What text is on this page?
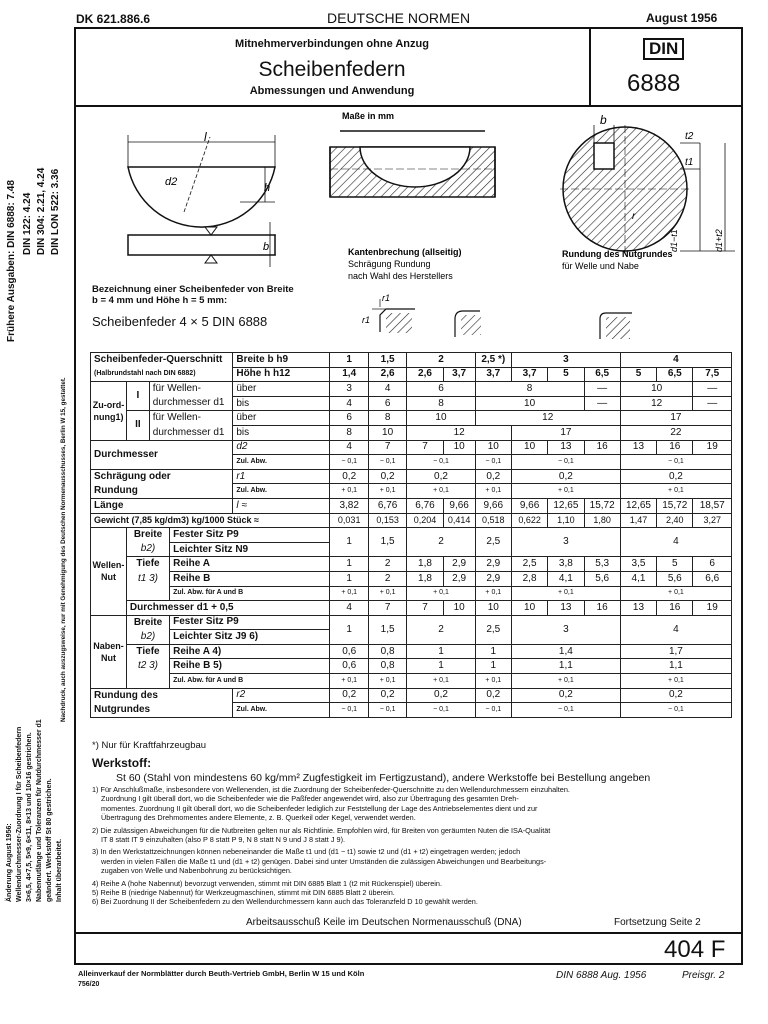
DK 621.886.6	DEUTSCHE NORMEN	August 1956
Mitnehmerverbindungen ohne Anzug
Scheibenfedern
Abmessungen und Anwendung
DIN
6888
Frühere Ausgaben: DIN 6888: 7.48 DIN 122: 4.24 DIN 304: 2.21, 4.24 DIN LON 522: 3.36
Nachdruck, auch auszugsweise, nur mit Genehmigung des Deutschen Normenausschusses, Berlin W 15, gestattet.
Änderung August 1956: Wellendurchmesser-Zuordnung I für Scheibenfedern 3×6,5, 4×7,5, 5×9, 6×11, 8×13 und 10×16 gestrichen. Nabennutlänge und Toleranzen für Nutdurchmesser d1 geändert. Werkstoff St 80 gestrichen. Inhalt überarbeitet.
l
d2	h
b
Maße in mm
Kantenbrechung (allseitig)
Schrägung Rundung
nach Wahl des Herstellers
r1
r1
b
t2
t1
r
d1−t1	d1+t2
Rundung des Nutgrundes
für Welle und Nabe
Bezeichnung einer Scheibenfeder von Breite
b = 4 mm und Höhe h = 5 mm:
Scheibenfeder 4 × 5 DIN 6888
Scheibenfeder-Querschnitt				Breite b h9	1	1,5	2		2,5 *)	3			4		
(Halbrundstahl nach DIN 6882)				Höhe h h12	1,4	2,6	2,6	3,7	3,7	3,7	5	6,5	5	6,5	7,5
Zu-ord-nung1)	I	für Wellen-		über	3	4	6		8			—	10		—
		durchmesser d1		bis	4	6	8		10			—	12		—
	II	für Wellen-		über	6	8	10		12				17		
		durchmesser d1		bis	8	10	12			17			22		
Durchmesser				d2	4	7	7	10	10	10	13	16	13	16	19
				Zul. Abw.	− 0,1	− 0,1	− 0,1		− 0,1	− 0,1			− 0,1		
Schrägung oder				r1	0,2	0,2	0,2		0,2	0,2			0,2		
Rundung				Zul. Abw.	+ 0,1	+ 0,1	+ 0,1		+ 0,1	+ 0,1			+ 0,1		
Länge				l ≈	3,82	6,76	6,76	9,66	9,66	9,66	12,65	15,72	12,65	15,72	18,57
Gewicht (7,85 kg/dm3) kg/1000 Stück ≈					0,031	0,153	0,204	0,414	0,518	0,622	1,10	1,80	1,47	2,40	3,27
Wellen-Nut	Breite		Fester Sitz P9		1	1,5	2		2,5	3			4		
	b2)		Leichter Sitz N9												
	Tiefe		Reihe A		1	2	1,8	2,9	2,9	2,5	3,8	5,3	3,5	5	6
	t1 3)		Reihe B		1	2	1,8	2,9	2,9	2,8	4,1	5,6	4,1	5,6	6,6
			Zul. Abw. für A und B		+ 0,1	+ 0,1	+ 0,1		+ 0,1	+ 0,1			+ 0,1		
	Durchmesser d1 + 0,5				4	7	7	10	10	10	13	16	13	16	19
Naben-Nut	Breite		Fester Sitz P9		1	1,5	2		2,5	3			4		
	b2)		Leichter Sitz J9 6)												
	Tiefe		Reihe A 4)		0,6	0,8	1		1	1,4			1,7		
	t2 3)		Reihe B 5)		0,6	0,8	1		1	1,1			1,1		
			Zul. Abw. für A und B		+ 0,1	+ 0,1	+ 0,1		+ 0,1	+ 0,1			+ 0,1		
Rundung des				r2	0,2	0,2	0,2		0,2	0,2			0,2		
Nutgrundes				Zul. Abw.	− 0,1	− 0,1	− 0,1		− 0,1	− 0,1			− 0,1		
*) Nur für Kraftfahrzeugbau
Werkstoff:
St 60 (Stahl von mindestens 60 kg/mm² Zugfestigkeit im Fertigzustand), andere Werkstoffe bei Bestellung angeben
1) Für Anschlußmaße, insbesondere von Wellenenden, ist die Zuordnung der Scheibenfeder-Querschnitte zu den Wellendurchmessern einzuhalten.
Zuordnung I gilt überall dort, wo die Scheibenfeder wie die Paßfeder angewendet wird, also zur Übertragung des gesamten Dreh-
momentes. Zuordnung II gilt überall dort, wo die Scheibenfeder lediglich zur Feststellung der Lage des Antriebselementes dient und zur
Übertragung des Drehmomentes andere Elemente, z. B. Querkeil oder Kegel, verwendet werden.
2) Die zulässigen Abweichungen für die Nutbreiten gelten nur als Richtlinie. Empfohlen wird, für Breiten von geräumten Nuten die ISA-Qualität
IT 8 statt IT 9 einzuhalten (also P 8 statt P 9, N 8 statt N 9 und J 8 statt J 9).
3) In den Werkstattzeichnungen können nebeneinander die Maße t1 und (d1 − t1) sowie t2 und (d1 + t2) eingetragen werden; jedoch
werden in vielen Fällen die Maße t1 und (d1 + t2) genügen. Dabei sind unter Umständen die zulässigen Abweichungen und Bearbeitungs-
zugaben von Welle und Nabenbohrung zu berücksichtigen.
4) Reihe A (hohe Nabennut) bevorzugt verwenden, stimmt mit DIN 6885 Blatt 1 (t2 mit Rückenspiel) überein.
5) Reihe B (niedrige Nabennut) für Werkzeugmaschinen, stimmt mit DIN 6885 Blatt 2 überein.
6) Bei Zuordnung II der Scheibenfedern zu den Wellendurchmessern kann auch das Toleranzfeld D 10 gewählt werden.
Arbeitsausschuß Keile im Deutschen Normenausschuß (DNA)	Fortsetzung Seite 2
404 F
Alleinverkauf der Normblätter durch Beuth-Vertrieb GmbH, Berlin W 15 und Köln
756/20
DIN 6888 Aug. 1956	Preisgr. 2
